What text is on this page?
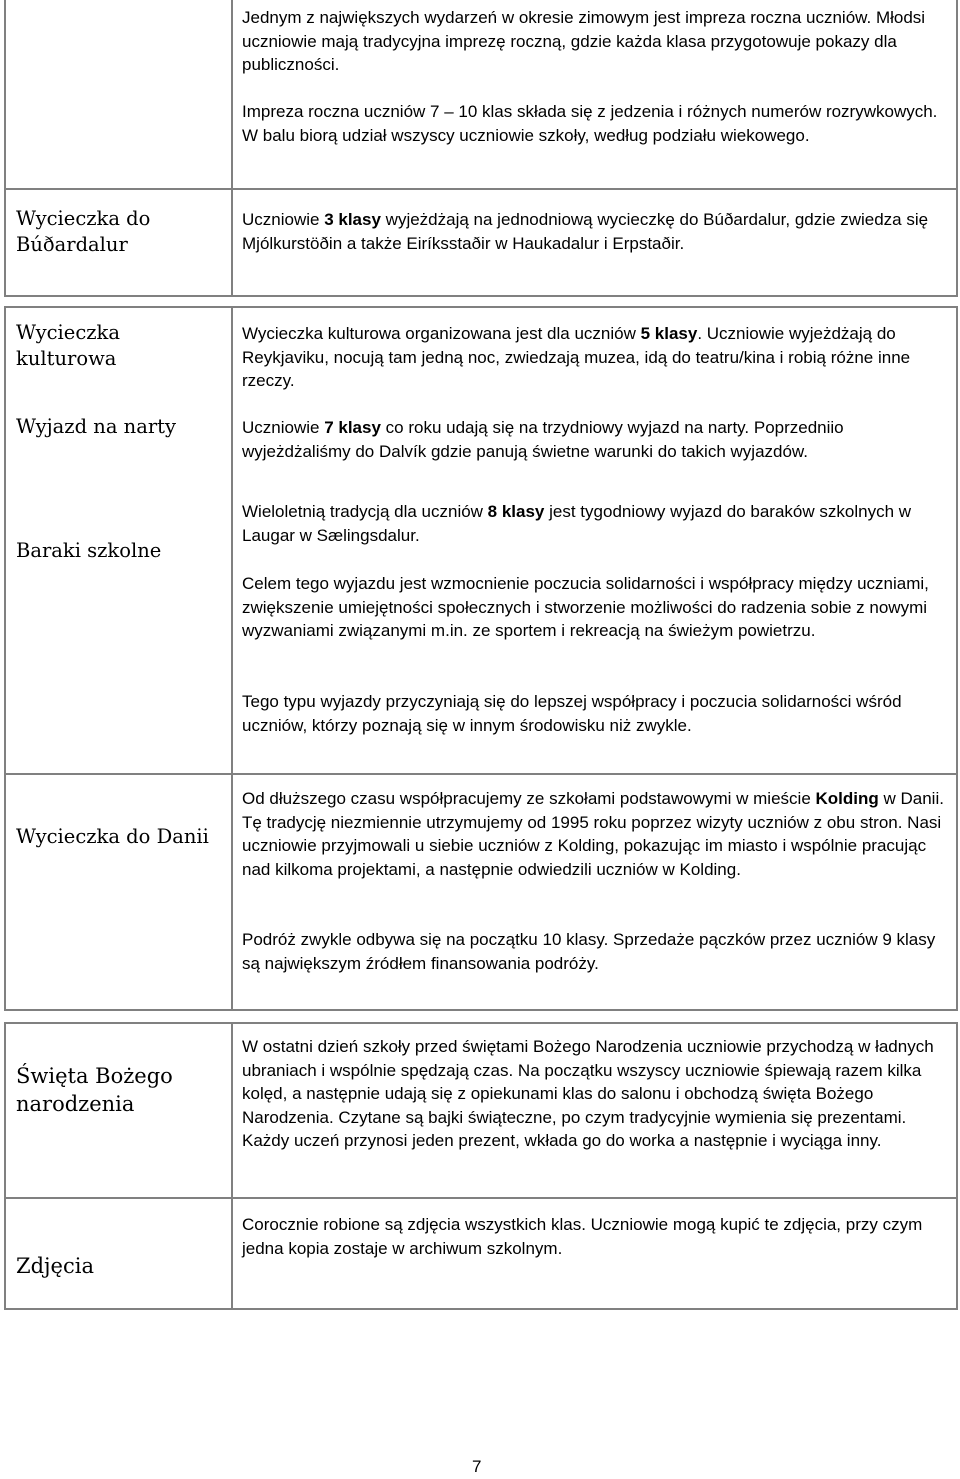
Jednym z największych wydarzeń w okresie zimowym jest impreza roczna uczniów. Młodsi uczniowie mają tradycyjna imprezę roczną, gdzie każda klasa przygotowuje pokazy dla publiczności.

Impreza roczna uczniów 7 – 10 klas składa się z jedzenia i różnych numerów rozrywkowych. W balu biorą udział wszyscy uczniowie szkoły, według podziału wiekowego.

Wycieczka do Búðardalur

Uczniowie 3 klasy wyjeżdżają na jednodniową wycieczkę do Búðardalur, gdzie zwiedza się Mjólkurstöðin a także Eiríksstaðir w Haukadalur i Erpstaðir.

Wycieczka kulturowa

Wycieczka kulturowa organizowana jest dla uczniów 5 klasy. Uczniowie wyjeżdżają do Reykjaviku, nocują tam jedną noc, zwiedzają muzea, idą do teatru/kina i robią różne inne rzeczy.

Wyjazd na narty	Uczniowie 7 klasy co roku udają się na trzydniowy wyjazd na narty. Poprzedniio wyjeżdżaliśmy do Dalvík gdzie panują świetne warunki do takich wyjazdów.

Baraki szkolne

Wieloletnią tradycją dla uczniów 8 klasy jest tygodniowy wyjazd do baraków szkolnych w Laugar w Sælingsdalur.

Celem tego wyjazdu jest wzmocnienie poczucia solidarności i współpracy między uczniami, zwiększenie umiejętności społecznych i stworzenie możliwości do radzenia sobie z nowymi wyzwaniami związanymi m.in. ze sportem i rekreacją na świeżym powietrzu.

Tego typu wyjazdy przyczyniają się do lepszej współpracy i poczucia solidarności wśród uczniów, którzy poznają się w innym środowisku niż zwykle.

Wycieczka do Danii

Od dłuższego czasu współpracujemy ze szkołami podstawowymi w mieście Kolding w Danii. Tę tradycję niezmiennie utrzymujemy od 1995 roku poprzez wizyty uczniów z obu stron. Nasi uczniowie przyjmowali u siebie uczniów z Kolding, pokazując im miasto i wspólnie pracując nad kilkoma projektami, a następnie odwiedzili uczniów w Kolding.

Podróż zwykle odbywa się na początku 10 klasy. Sprzedaże pączków przez uczniów 9 klasy są największym źródłem finansowania podróży.

Święta Bożego narodzenia

W ostatni dzień szkoły przed świętami Bożego Narodzenia uczniowie przychodzą w ładnych ubraniach i wspólnie spędzają czas. Na początku wszyscy uczniowie śpiewają razem kilka kolęd, a następnie udają się z opiekunami klas do salonu i obchodzą święta Bożego Narodzenia. Czytane są bajki świąteczne, po czym tradycyjnie wymienia się prezentami. Każdy uczeń przynosi jeden prezent, wkłada go do worka a następnie i wyciąga inny.

Zdjęcia

Corocznie robione są zdjęcia wszystkich klas. Uczniowie mogą kupić te zdjęcia, przy czym jedna kopia zostaje w archiwum szkolnym.

7
